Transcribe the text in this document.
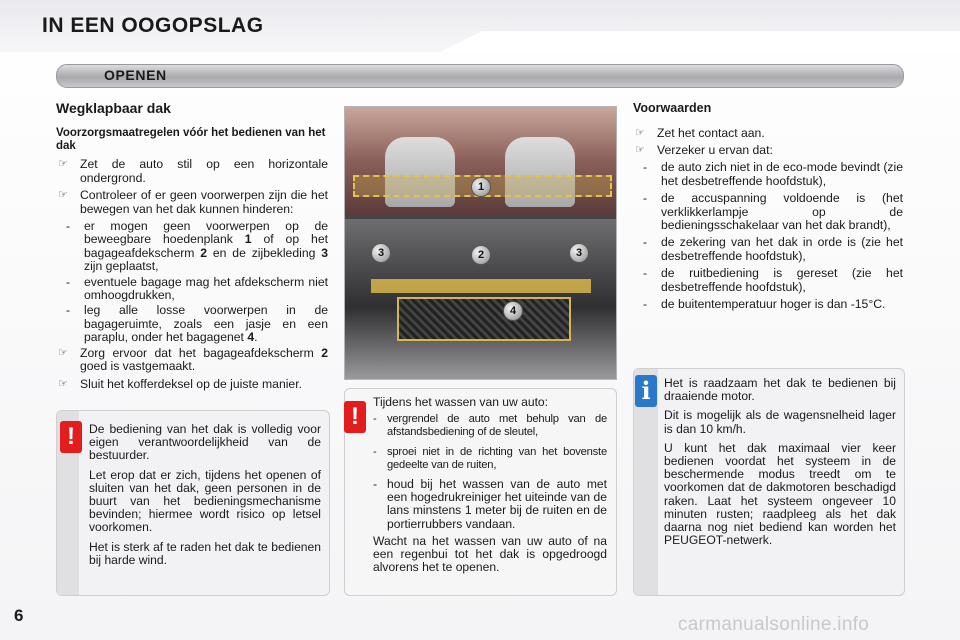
IN EEN OOGOPSLAG
OPENEN
Wegklapbaar dak
Voorzorgsmaatregelen vóór het bedienen van het dak
☞ Zet de auto stil op een horizontale ondergrond.
☞ Controleer of er geen voorwerpen zijn die het bewegen van het dak kunnen hinderen:
- er mogen geen voorwerpen op de beweegbare hoedenplank 1 of op het bagageafdekscherm 2 en de zijbekleding 3 zijn geplaatst,
- eventuele bagage mag het afdekscherm niet omhoogdrukken,
- leg alle losse voorwerpen in de bagageruimte, zoals een jasje en een paraplu, onder het bagagenet 4.
☞ Zorg ervoor dat het bagageafdekscherm 2 goed is vastgemaakt.
☞ Sluit het kofferdeksel op de juiste manier.
!	De bediening van het dak is volledig voor eigen verantwoordelijkheid van de bestuurder.

Let erop dat er zich, tijdens het openen of sluiten van het dak, geen personen in de buurt van het bedieningsmechanisme bevinden; hiermee wordt risico op letsel voorkomen.

Het is sterk af te raden het dak te bedienen bij harde wind.

1
2
3	3
4
!

Tijdens het wassen van uw auto:

- vergrendel de auto met behulp van de afstandsbediening of de sleutel,
- sproei niet in de richting van het bovenste gedeelte van de ruiten,
- houd bij het wassen van de auto met een hogedrukreiniger het uiteinde van de lans minstens 1 meter bij de ruiten en de portierrubbers vandaan.

Wacht na het wassen van uw auto of na een regenbui tot het dak is opgedroogd alvorens het te openen.

Voorwaarden
☞ Zet het contact aan.
☞ Verzeker u ervan dat:
- de auto zich niet in de eco-mode bevindt (zie het desbetreffende hoofdstuk),
- de accuspanning voldoende is (het verklikkerlampje op de bedieningsschakelaar van het dak brandt),
- de zekering van het dak in orde is (zie het desbetreffende hoofdstuk),
- de ruitbediening is gereset (zie het desbetreffende hoofdstuk),
- de buitentemperatuur hoger is dan -15°C.
i	Het is raadzaam het dak te bedienen bij draaiende motor.

Dit is mogelijk als de wagensnelheid lager is dan 10 km/h.

U kunt het dak maximaal vier keer bedienen voordat het systeem in de beschermende modus treedt om te voorkomen dat de dakmotoren beschadigd raken. Laat het systeem ongeveer 10 minuten rusten; raadpleeg als het dak daarna nog niet bediend kan worden het PEUGEOT-netwerk.

6	carmanualsonline.info
